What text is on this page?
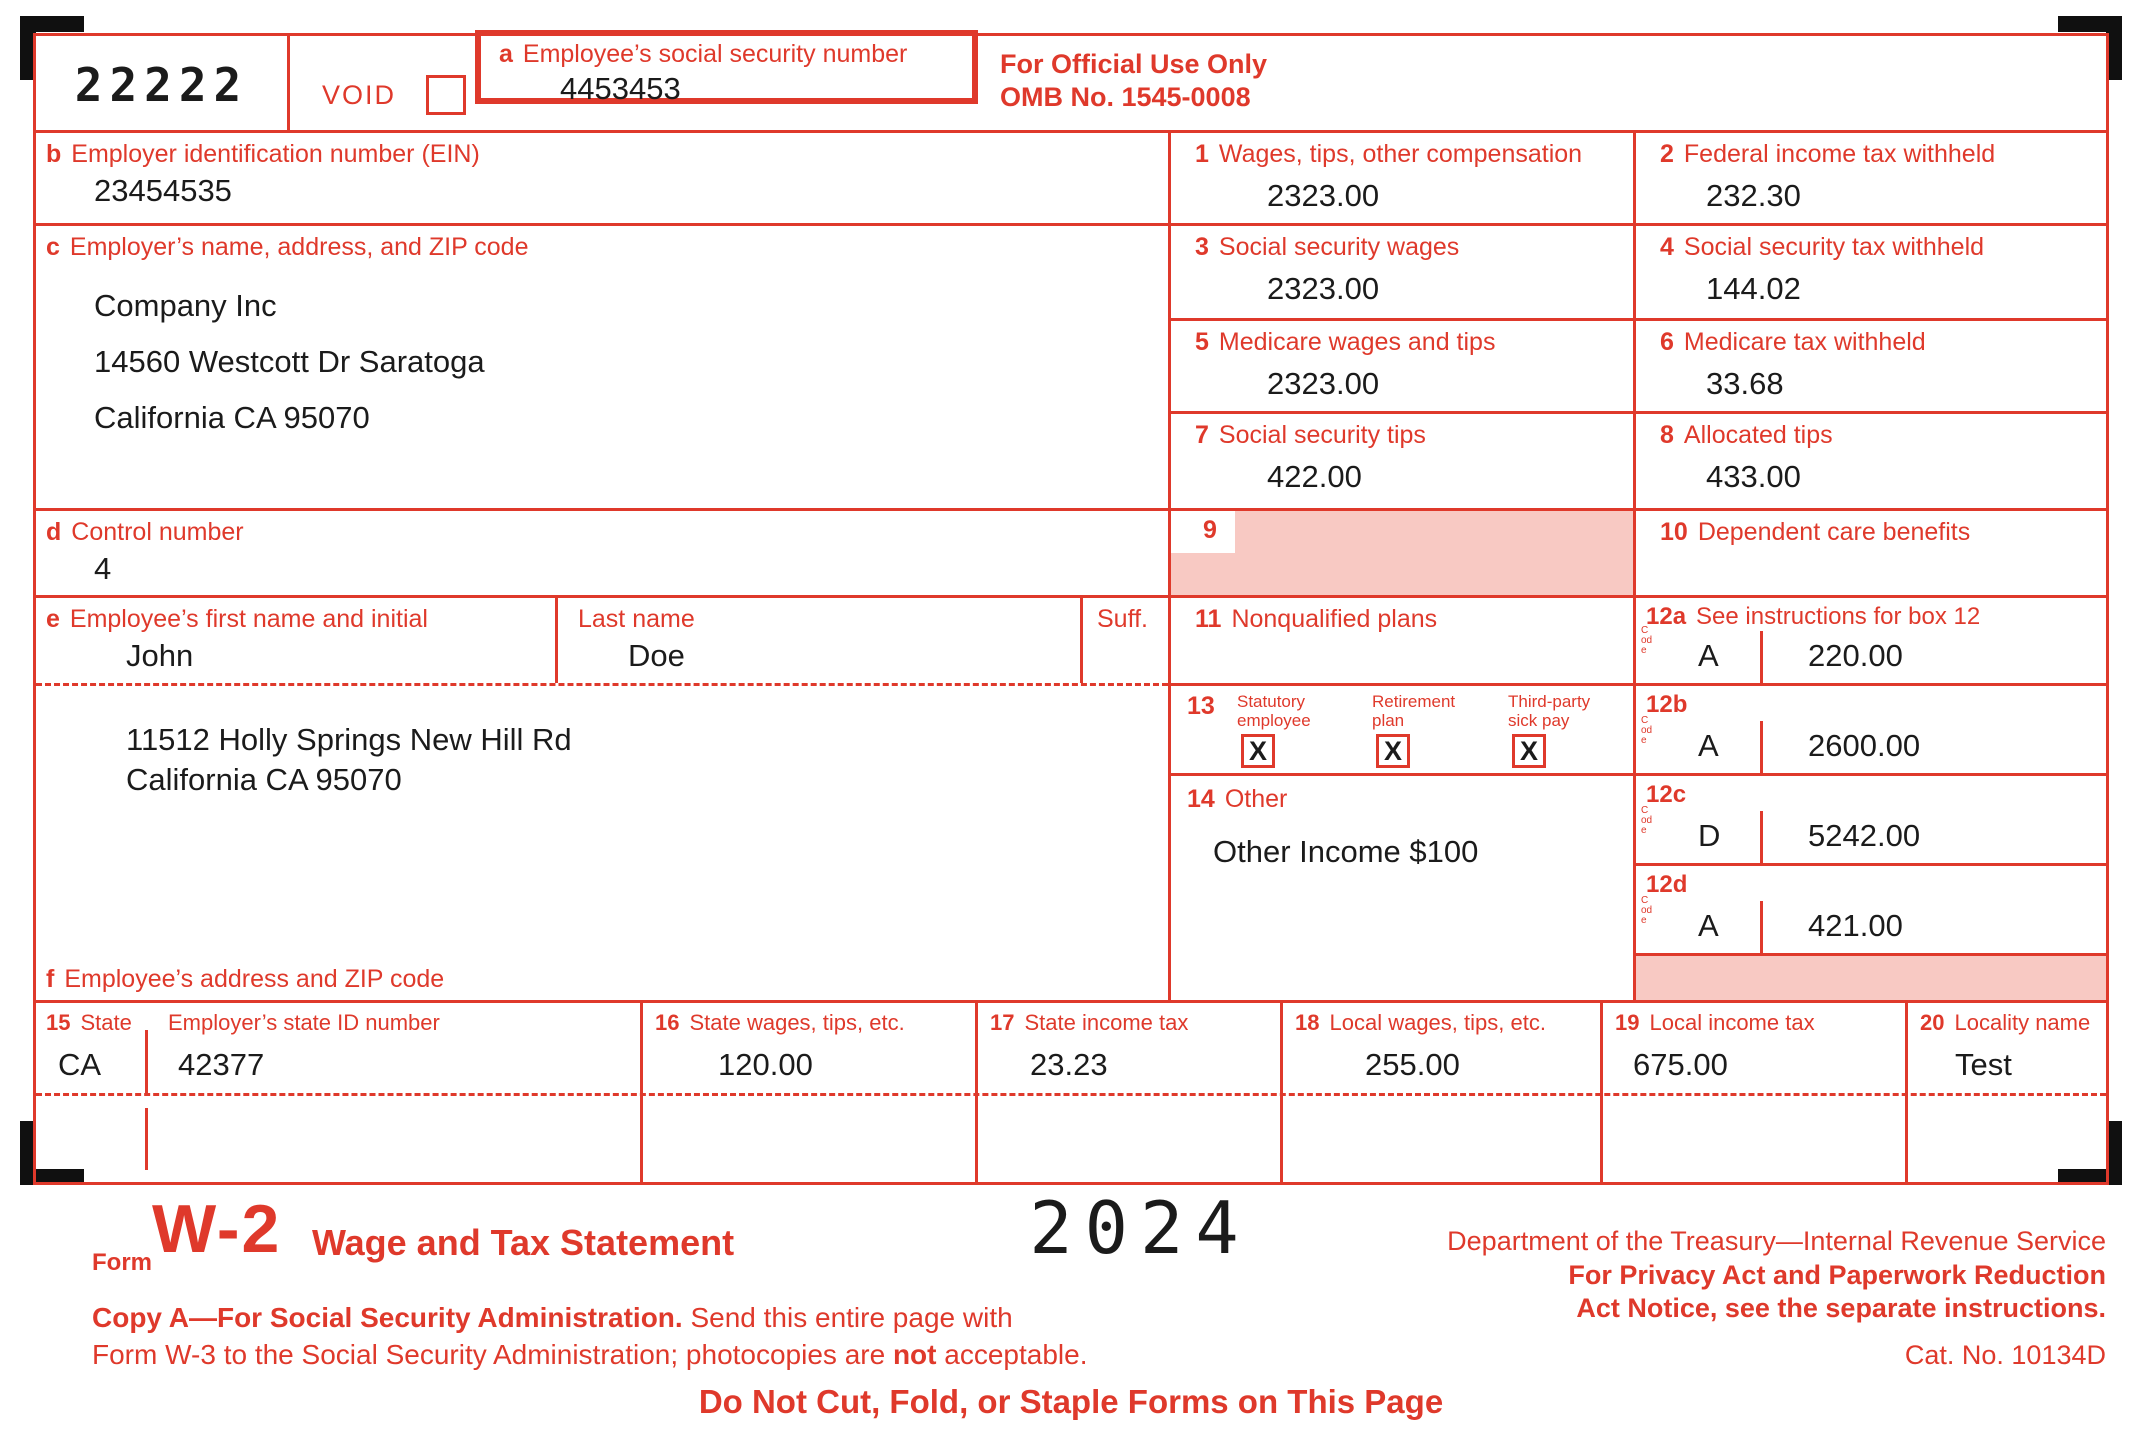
22222	VOID
a Employee’s social security number
4453453
For Official Use Only
OMB No. 1545-0008
b Employer identification number (EIN)
23454535
1 Wages, tips, other compensation
2323.00
2 Federal income tax withheld
232.30
c Employer’s name, address, and ZIP code
Company Inc
14560 Westcott Dr Saratoga
California CA 95070
3 Social security wages
2323.00
4 Social security tax withheld
144.02
5 Medicare wages and tips
2323.00
6 Medicare tax withheld
33.68
7 Social security tips
422.00
8 Allocated tips
433.00
d Control number
4
9	10 Dependent care benefits
e Employee’s first name and initial
John
Last name
Doe
Suff.	11 Nonqualified plans	12a See instructions for box 12
Code A	220.00
13 Statutory
employee
X
Retirement
plan
X
Third-party
sick pay
X
12b
Code A	2600.00
14 Other
Other Income $100
12c
Code D	5242.00
12d
Code A	421.00
11512 Holly Springs New Hill Rd
California CA 95070
f Employee’s address and ZIP code
15 State Employer’s state ID number
CA 42377
16 State wages, tips, etc.
120.00
17 State income tax
23.23
18 Local wages, tips, etc.
255.00
19 Local income tax
675.00
20 Locality name
Test
Form W-2 Wage and Tax Statement	2024	Department of the Treasury—Internal Revenue Service
For Privacy Act and Paperwork Reduction
Act Notice, see the separate instructions.
Copy A—For Social Security Administration. Send this entire page with
Form W-3 to the Social Security Administration; photocopies are not acceptable.	Cat. No. 10134D
Do Not Cut, Fold, or Staple Forms on This Page
